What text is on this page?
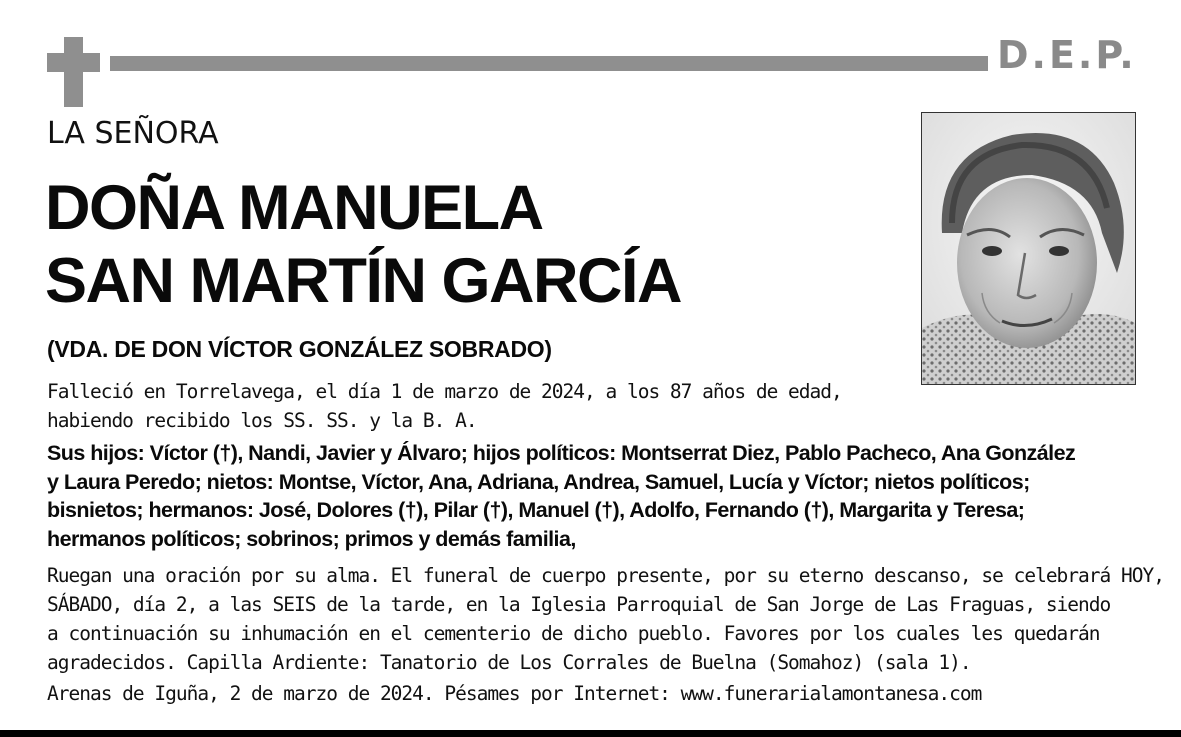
D.E.P.
LA SEÑORA
DOÑA MANUELA
SAN MARTÍN GARCÍA
(VDA. DE DON VÍCTOR GONZÁLEZ SOBRADO)
Falleció en Torrelavega, el día 1 de marzo de 2024, a los 87 años de edad,
habiendo recibido los SS. SS. y la B. A.
Sus hijos: Víctor (†), Nandi, Javier y Álvaro; hijos políticos: Montserrat Diez, Pablo Pacheco, Ana González
y Laura Peredo; nietos: Montse, Víctor, Ana, Adriana, Andrea, Samuel, Lucía y Víctor; nietos políticos;
bisnietos; hermanos: José, Dolores (†), Pilar (†), Manuel (†), Adolfo, Fernando (†), Margarita y Teresa;
hermanos políticos; sobrinos; primos y demás familia,
Ruegan una oración por su alma. El funeral de cuerpo presente, por su eterno descanso, se celebrará HOY,
SÁBADO, día 2, a las SEIS de la tarde, en la Iglesia Parroquial de San Jorge de Las Fraguas, siendo
a continuación su inhumación en el cementerio de dicho pueblo. Favores por los cuales les quedarán
agradecidos. Capilla Ardiente: Tanatorio de Los Corrales de Buelna (Somahoz) (sala 1).
Arenas de Iguña, 2 de marzo de 2024. Pésames por Internet: www.funerarialamontanesa.com
